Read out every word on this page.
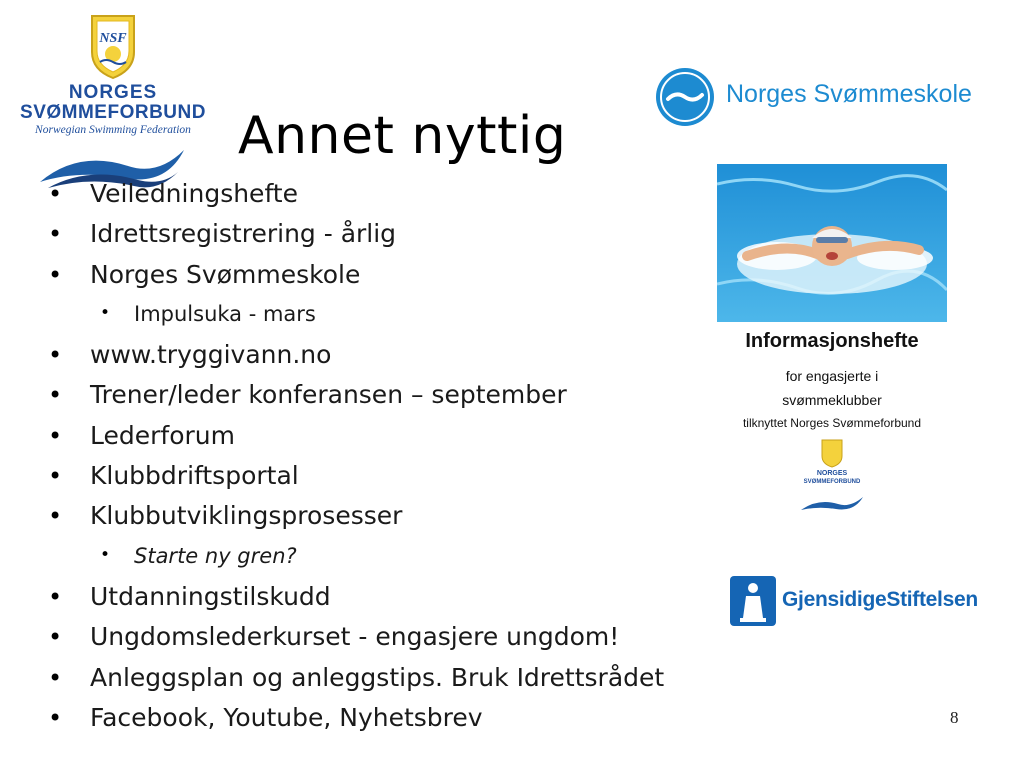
NSF
NORGES
SVØMMEFORBUND
Norwegian Swimming Federation Annet nyttig
• Veiledningshefte
• Idrettsregistrering - årlig
• Norges Svømmeskole
• Impulsuka - mars
• www.tryggivann.no
• Trener/leder konferansen – september
• Lederforum
• Klubbdriftsportal
• Klubbutviklingsprosesser
• Starte ny gren?
• Utdanningstilskudd
• Ungdomslederkurset - engasjere ungdom!
• Anleggsplan og anleggstips. Bruk Idrettsrådet
• Facebook, Youtube, Nyhetsbrev
Norges Svømmeskole
Informasjonshefte
for engasjerte i
svømmeklubber
tilknyttet Norges Svømmeforbund
NORGES
SVØMMEFORBUND
GjensidigeStiftelsen
8
